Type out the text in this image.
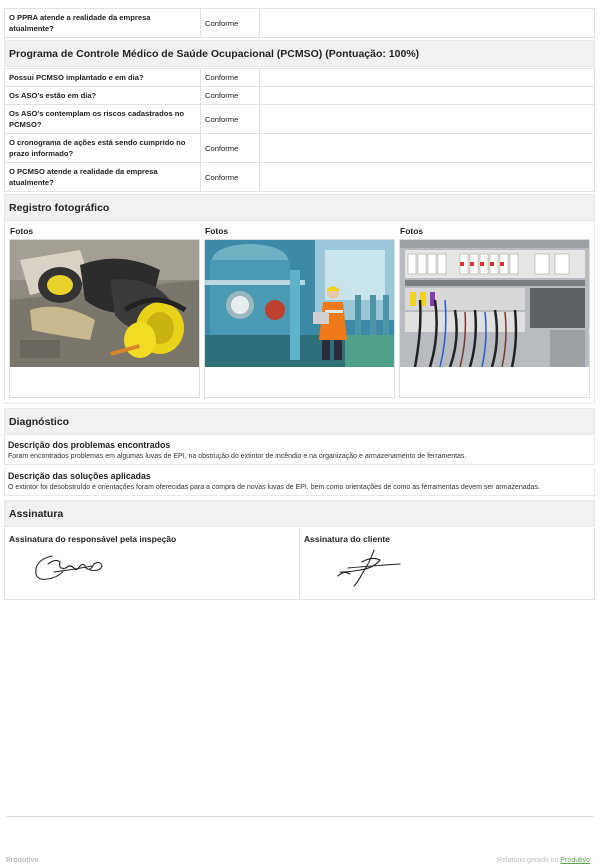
O PPRA atende a realidade da empresa atualmente?	Conforme	
Programa de Controle Médico de Saúde Ocupacional (PCMSO) (Pontuação: 100%)
Possui PCMSO implantado e em dia?	Conforme	
Os ASO's estão em dia?	Conforme	
Os ASO's contemplam os riscos cadastrados no PCMSO?	Conforme	
O cronograma de ações está sendo cumprido no prazo informado?	Conforme	
O PCMSO atende a realidade da empresa atualmente?	Conforme	
Registro fotográfico
Fotos	Fotos	Fotos
Diagnóstico
Descrição dos problemas encontrados
Foram encontrados problemas em algumas luvas de EPI, na obstrução do extintor de incêndio e na organização e armazenamento de ferramentas.
Descrição das soluções aplicadas
O extintor foi desobstruído e orientações foram oferecidas para a compra de novas luvas de EPI, bem como orientações de como as ferramentas devem ser armazenadas.
Assinatura
Assinatura do responsável pela inspeção	Assinatura do cliente
Produtivo	Relatório gerado no Produtivo
